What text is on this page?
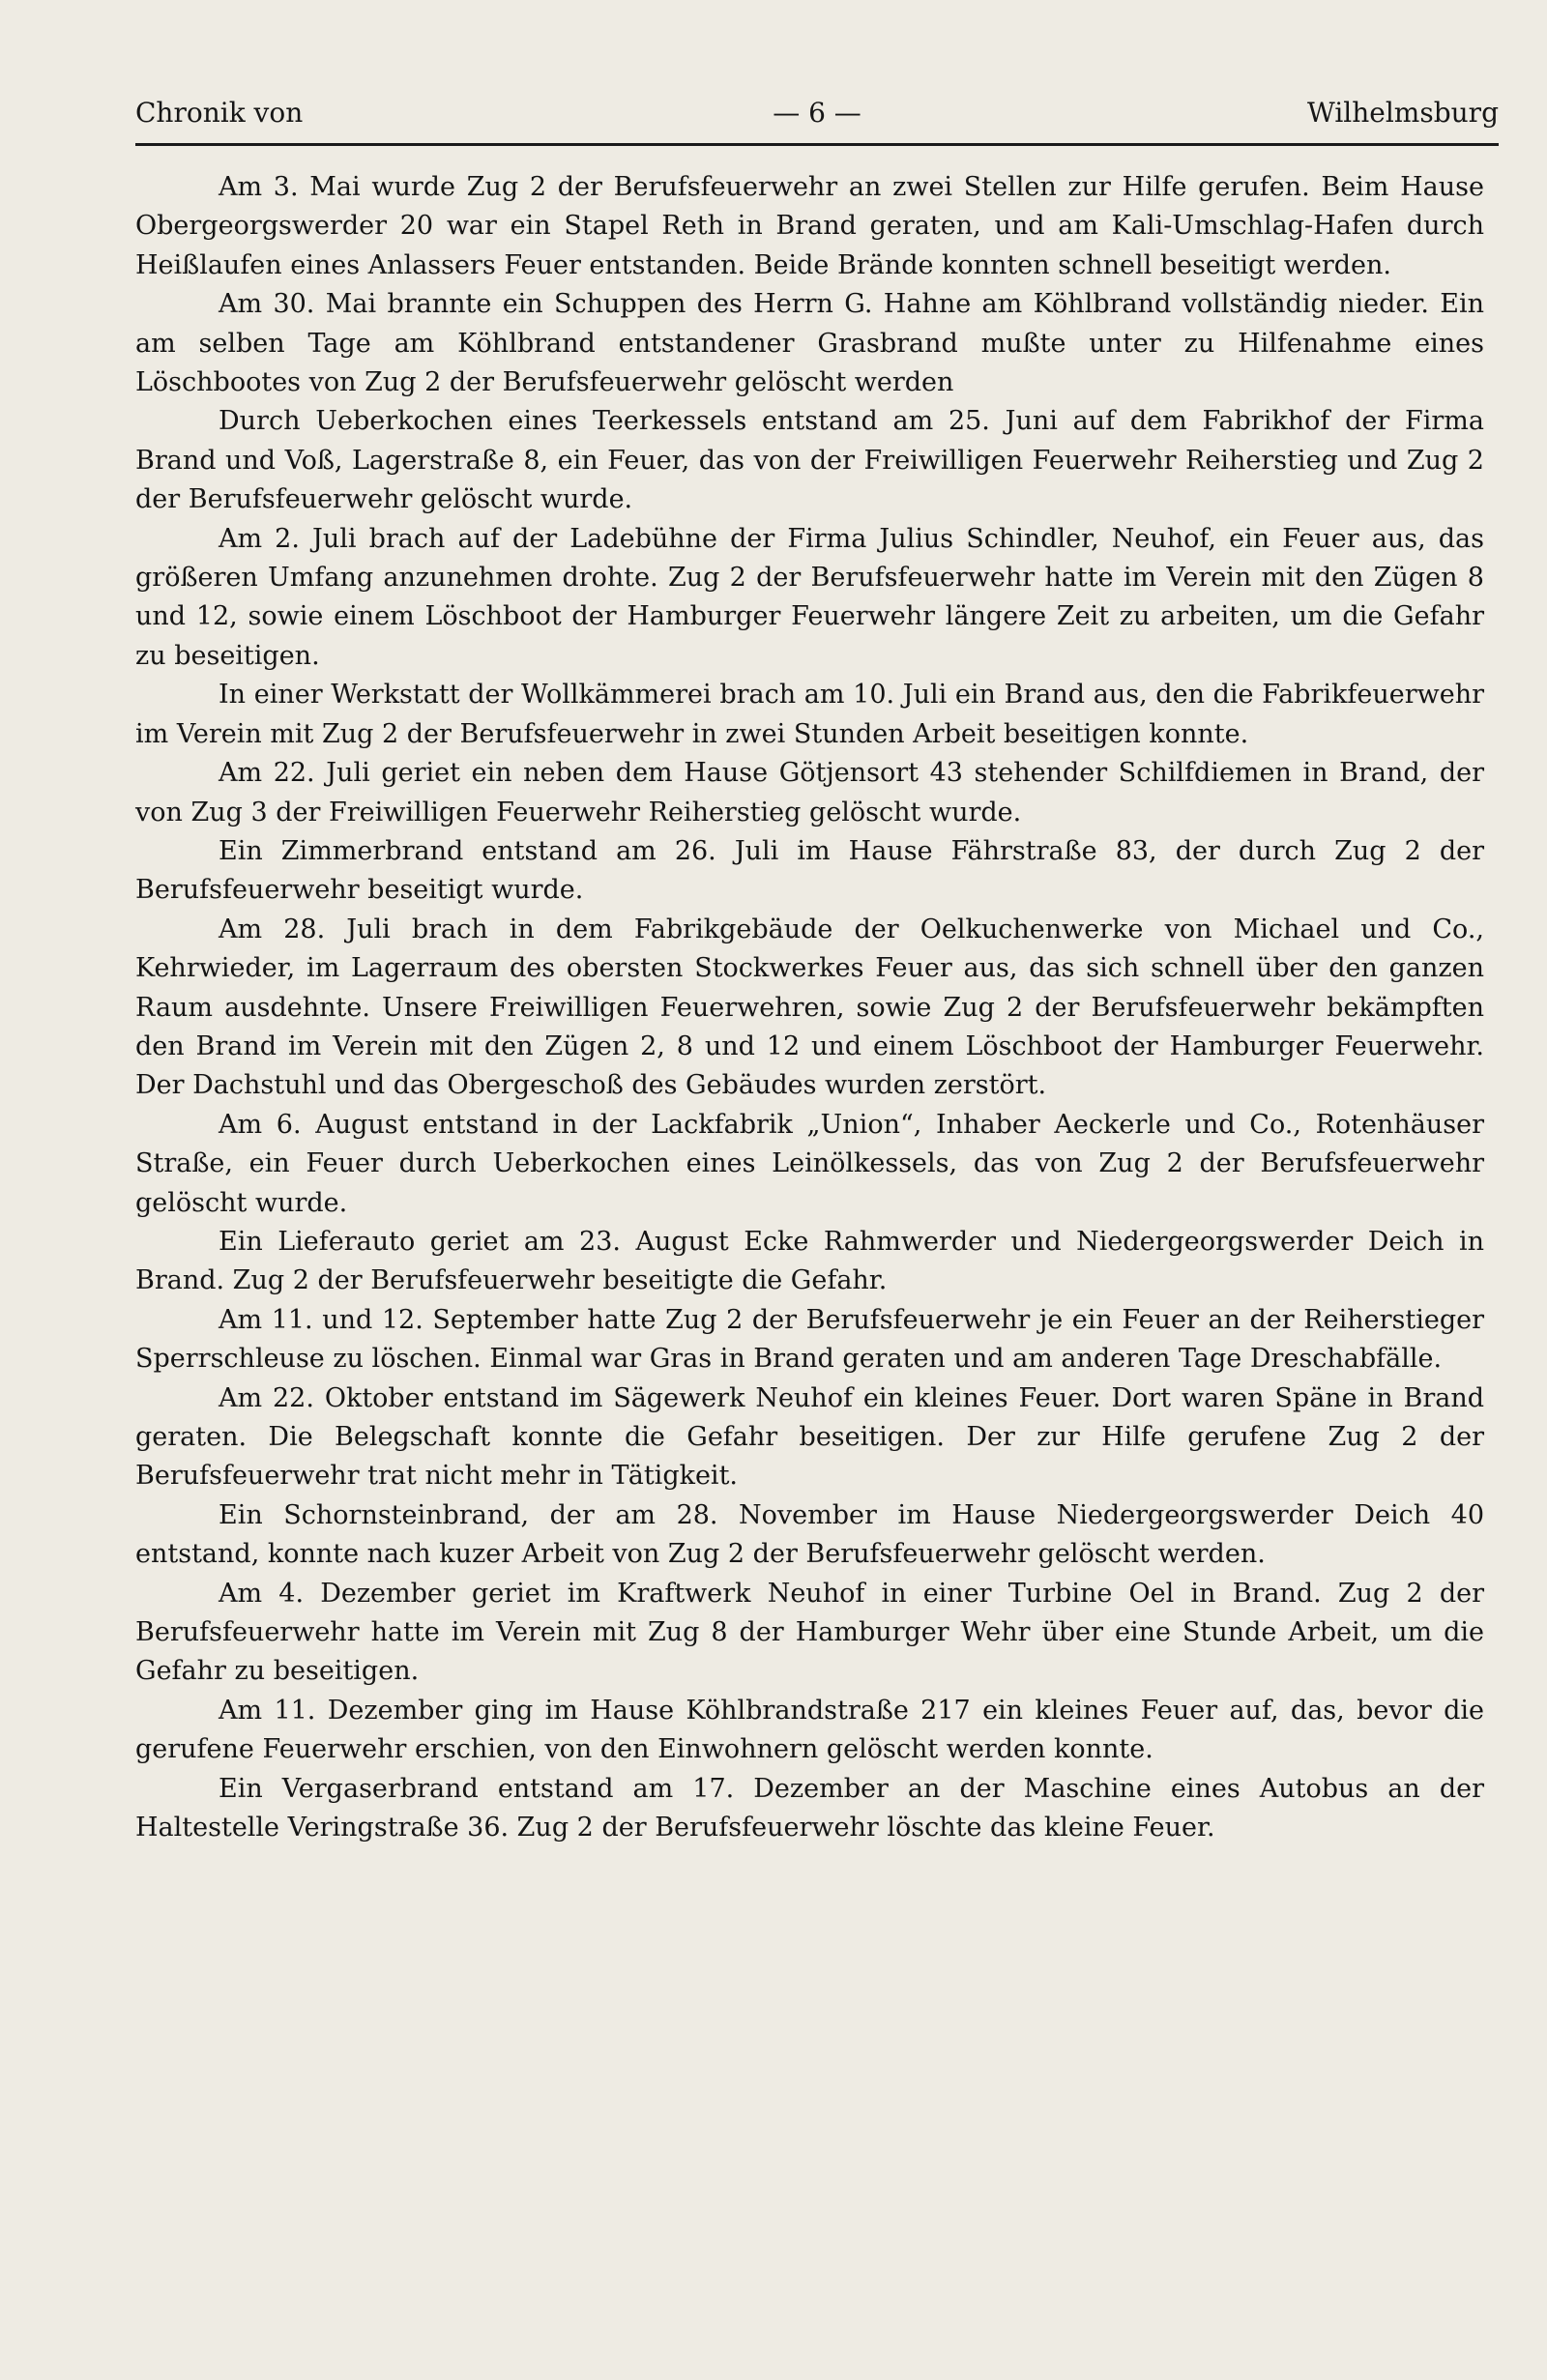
Chronik von	— 6 —	Wilhelmsburg

Am 3. Mai wurde Zug 2 der Berufsfeuerwehr an zwei Stellen zur Hilfe gerufen. Beim Hause Obergeorgswerder 20 war ein Stapel Reth in Brand geraten, und am Kali-Umschlag-Hafen durch Heißlaufen eines Anlassers Feuer entstanden. Beide Brände konnten schnell beseitigt werden.

Am 30. Mai brannte ein Schuppen des Herrn G. Hahne am Köhlbrand vollständig nieder. Ein am selben Tage am Köhlbrand entstandener Grasbrand mußte unter zu Hilfenahme eines Löschbootes von Zug 2 der Berufsfeuerwehr gelöscht werden

Durch Ueberkochen eines Teerkessels entstand am 25. Juni auf dem Fabrikhof der Firma Brand und Voß, Lagerstraße 8, ein Feuer, das von der Freiwilligen Feuerwehr Reiherstieg und Zug 2 der Berufsfeuerwehr gelöscht wurde.

Am 2. Juli brach auf der Ladebühne der Firma Julius Schindler, Neuhof, ein Feuer aus, das größeren Umfang anzunehmen drohte. Zug 2 der Berufsfeuerwehr hatte im Verein mit den Zügen 8 und 12, sowie einem Löschboot der Hamburger Feuerwehr längere Zeit zu arbeiten, um die Gefahr zu beseitigen.

In einer Werkstatt der Wollkämmerei brach am 10. Juli ein Brand aus, den die Fabrikfeuerwehr im Verein mit Zug 2 der Berufsfeuerwehr in zwei Stunden Arbeit beseitigen konnte.

Am 22. Juli geriet ein neben dem Hause Götjensort 43 stehender Schilfdiemen in Brand, der von Zug 3 der Freiwilligen Feuerwehr Reiherstieg gelöscht wurde.

Ein Zimmerbrand entstand am 26. Juli im Hause Fährstraße 83, der durch Zug 2 der Berufsfeuerwehr beseitigt wurde.

Am 28. Juli brach in dem Fabrikgebäude der Oelkuchenwerke von Michael und Co., Kehrwieder, im Lagerraum des obersten Stockwerkes Feuer aus, das sich schnell über den ganzen Raum ausdehnte. Unsere Freiwilligen Feuerwehren, sowie Zug 2 der Berufsfeuerwehr bekämpften den Brand im Verein mit den Zügen 2, 8 und 12 und einem Löschboot der Hamburger Feuerwehr. Der Dachstuhl und das Obergeschoß des Gebäudes wurden zerstört.

Am 6. August entstand in der Lackfabrik „Union“, Inhaber Aeckerle und Co., Rotenhäuser Straße, ein Feuer durch Ueberkochen eines Leinölkessels, das von Zug 2 der Berufsfeuerwehr gelöscht wurde.

Ein Lieferauto geriet am 23. August Ecke Rahmwerder und Niedergeorgswerder Deich in Brand. Zug 2 der Berufsfeuerwehr beseitigte die Gefahr.

Am 11. und 12. September hatte Zug 2 der Berufsfeuerwehr je ein Feuer an der Reiherstieger Sperrschleuse zu löschen. Einmal war Gras in Brand geraten und am anderen Tage Dreschabfälle.

Am 22. Oktober entstand im Sägewerk Neuhof ein kleines Feuer. Dort waren Späne in Brand geraten. Die Belegschaft konnte die Gefahr beseitigen. Der zur Hilfe gerufene Zug 2 der Berufsfeuerwehr trat nicht mehr in Tätigkeit.

Ein Schornsteinbrand, der am 28. November im Hause Niedergeorgswerder Deich 40 entstand, konnte nach kuzer Arbeit von Zug 2 der Berufsfeuerwehr gelöscht werden.

Am 4. Dezember geriet im Kraftwerk Neuhof in einer Turbine Oel in Brand. Zug 2 der Berufsfeuerwehr hatte im Verein mit Zug 8 der Hamburger Wehr über eine Stunde Arbeit, um die Gefahr zu beseitigen.

Am 11. Dezember ging im Hause Köhlbrandstraße 217 ein kleines Feuer auf, das, bevor die gerufene Feuerwehr erschien, von den Einwohnern gelöscht werden konnte.

Ein Vergaserbrand entstand am 17. Dezember an der Maschine eines Autobus an der Haltestelle Veringstraße 36. Zug 2 der Berufsfeuerwehr löschte das kleine Feuer.
